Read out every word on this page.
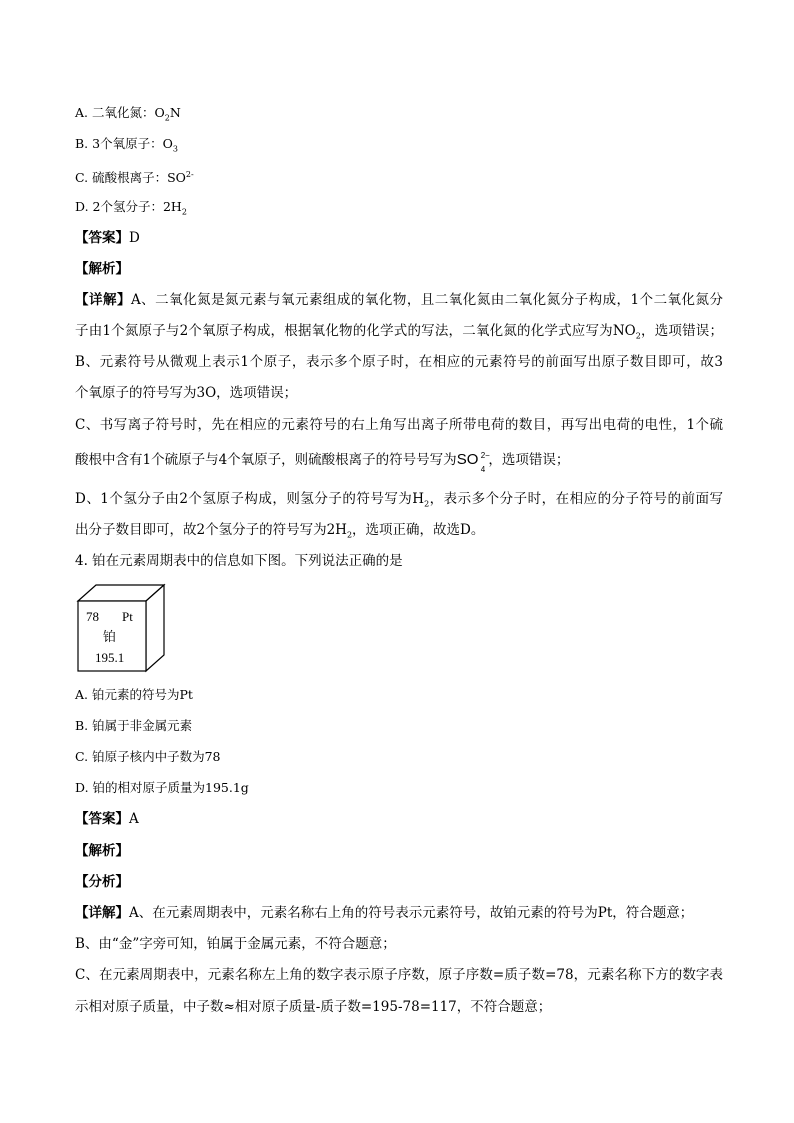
A. 二氧化氮：$O_2N$
B. 3个氧原子：$O_3$
C. 硫酸根离子：$SO^{2-}$
D. 2个氢分子：$2H_2$
【答案】D
【解析】
【详解】A、二氧化氮是氮元素与氧元素组成的氧化物，且二氧化氮由二氧化氮分子构成，1个二氧化氮分
子由1个氮原子与2个氧原子构成，根据氧化物的化学式的写法，二氧化氮的化学式应写为$NO_2$，选项错误；
B、元素符号从微观上表示1个原子，表示多个原子时，在相应的元素符号的前面写出原子数目即可，故3
个氧原子的符号写为3O，选项错误；
C、书写离子符号时，先在相应的元素符号的右上角写出离子所带电荷的数目，再写出电荷的电性，1个硫
酸根中含有1个硫原子与4个氧原子，则硫酸根离子的符号号写为SO 2−
4
，选项错误；
D、1个氢分子由2个氢原子构成，则氢分子的符号写为$H_2$，表示多个分子时，在相应的分子符号的前面写
出分子数目即可，故2个氢分子的符号写为$2H_2$，选项正确，故选D。
4. 铂在元素周期表中的信息如下图。下列说法正确的是
78 Pt
铂
195.1
A. 铂元素的符号为Pt
B. 铂属于非金属元素
C. 铂原子核内中子数为78
D. 铂的相对原子质量为195.1g
【答案】A
【解析】
【分析】
【详解】A、在元素周期表中，元素名称右上角的符号表示元素符号，故铂元素的符号为Pt，符合题意；
B、由“金”字旁可知，铂属于金属元素，不符合题意；
C、在元素周期表中，元素名称左上角的数字表示原子序数，原子序数=质子数=78，元素名称下方的数字表
示相对原子质量，中子数≈相对原子质量-质子数=195-78=117，不符合题意；
